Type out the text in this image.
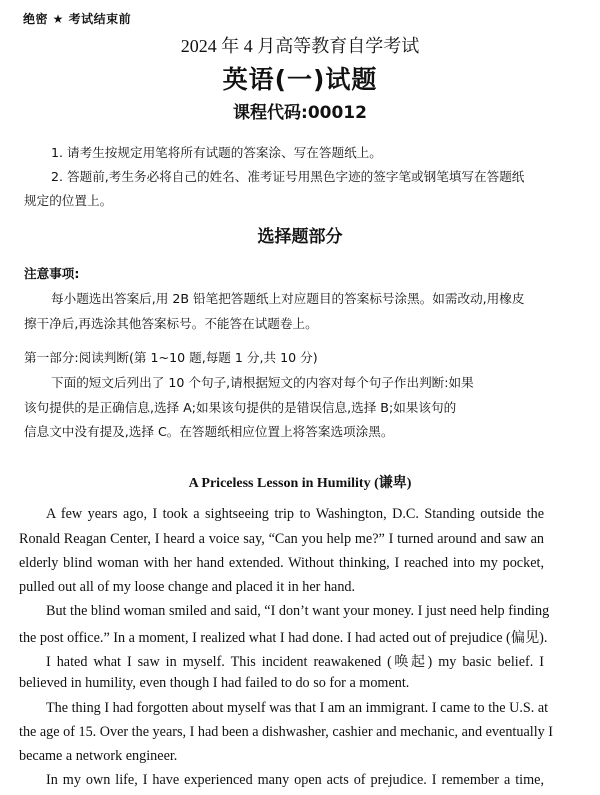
绝密 ★ 考试结束前
2024 年 4 月高等教育自学考试
英语(一)试题
课程代码:00012
1. 请考生按规定用笔将所有试题的答案涂、写在答题纸上。
2. 答题前,考生务必将自己的姓名、准考证号用黑色字迹的签字笔或钢笔填写在答题纸
规定的位置上。
选择题部分
注意事项:
每小题选出答案后,用 2B 铅笔把答题纸上对应题目的答案标号涂黑。如需改动,用橡皮
擦干净后,再选涂其他答案标号。不能答在试题卷上。
第一部分:阅读判断(第 1~10 题,每题 1 分,共 10 分)
下面的短文后列出了 10 个句子,请根据短文的内容对每个句子作出判断:如果
该句提供的是正确信息,选择 A;如果该句提供的是错误信息,选择 B;如果该句的
信息文中没有提及,选择 C。在答题纸相应位置上将答案选项涂黑。
A Priceless Lesson in Humility (谦卑)
A few years ago, I took a sightseeing trip to Washington, D.C. Standing outside the
Ronald Reagan Center, I heard a voice say, “Can you help me?” I turned around and saw an
elderly blind woman with her hand extended. Without thinking, I reached into my pocket,
pulled out all of my loose change and placed it in her hand.
But the blind woman smiled and said, “I don’t want your money. I just need help finding
the post office.” In a moment, I realized what I had done. I had acted out of prejudice (偏见).
I hated what I saw in myself. This incident reawakened (唤起) my basic belief. I
believed in humility, even though I had failed to do so for a moment.
The thing I had forgotten about myself was that I am an immigrant. I came to the U.S. at
the age of 15. Over the years, I had been a dishwasher, cashier and mechanic, and eventually I
became a network engineer.
In my own life, I have experienced many open acts of prejudice. I remember a time,
